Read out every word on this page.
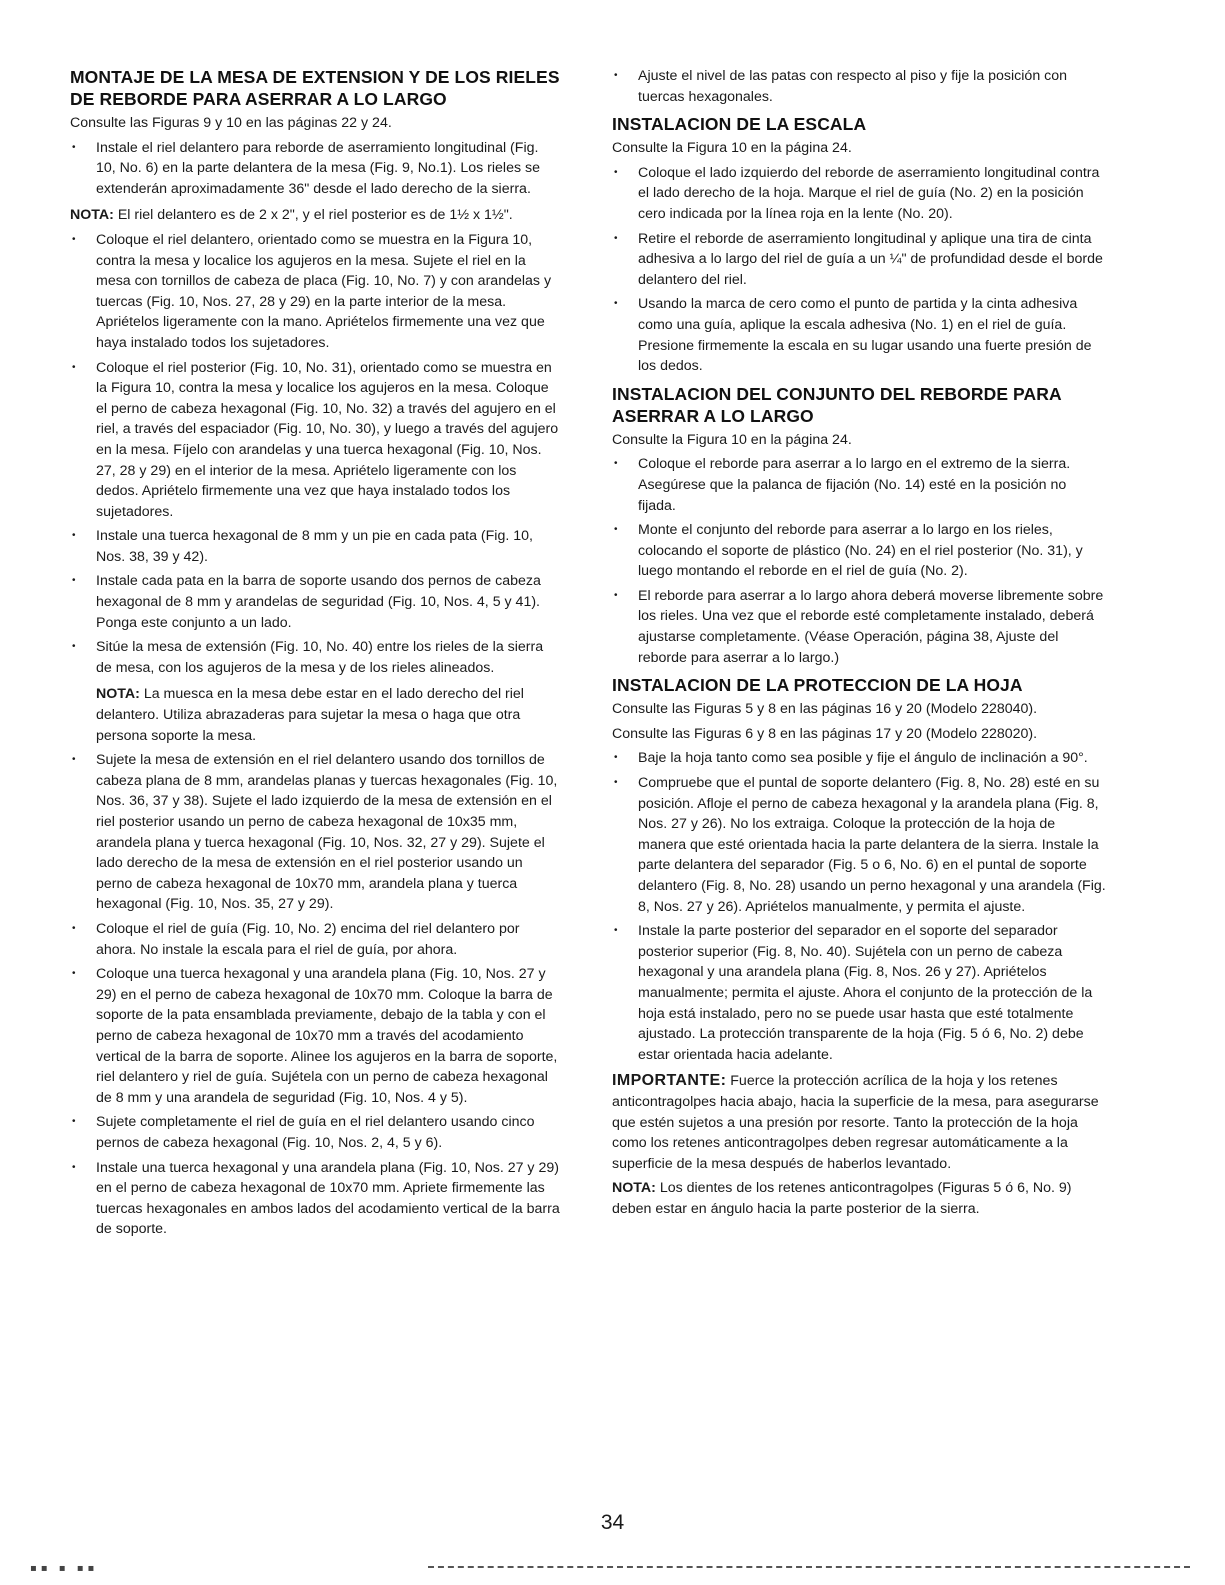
MONTAJE DE LA MESA DE EXTENSION Y DE LOS RIELES DE REBORDE PARA ASERRAR A LO LARGO

Consulte las Figuras 9 y 10 en las páginas 22 y 24.

• Instale el riel delantero para reborde de aserramiento longitudinal (Fig. 10, No. 6) en la parte delantera de la mesa (Fig. 9, No.1). Los rieles se extenderán aproximadamente 36" desde el lado derecho de la sierra.

NOTA: El riel delantero es de 2 x 2", y el riel posterior es de 1½ x 1½".

• Coloque el riel delantero, orientado como se muestra en la Figura 10, contra la mesa y localice los agujeros en la mesa. Sujete el riel en la mesa con tornillos de cabeza de placa (Fig. 10, No. 7) y con arandelas y tuercas (Fig. 10, Nos. 27, 28 y 29) en la parte interior de la mesa. Apriételos ligeramente con la mano. Apriételos firmemente una vez que haya instalado todos los sujetadores.
• Coloque el riel posterior (Fig. 10, No. 31), orientado como se muestra en la Figura 10, contra la mesa y localice los agujeros en la mesa. Coloque el perno de cabeza hexagonal (Fig. 10, No. 32) a través del agujero en el riel, a través del espaciador (Fig. 10, No. 30), y luego a través del agujero en la mesa. Fíjelo con arandelas y una tuerca hexagonal (Fig. 10, Nos. 27, 28 y 29) en el interior de la mesa. Apriételo ligeramente con los dedos. Apriételo firmemente una vez que haya instalado todos los sujetadores.
• Instale una tuerca hexagonal de 8 mm y un pie en cada pata (Fig. 10, Nos. 38, 39 y 42).
• Instale cada pata en la barra de soporte usando dos pernos de cabeza hexagonal de 8 mm y arandelas de seguridad (Fig. 10, Nos. 4, 5 y 41). Ponga este conjunto a un lado.
• Sitúe la mesa de extensión (Fig. 10, No. 40) entre los rieles de la sierra de mesa, con los agujeros de la mesa y de los rieles alineados.

NOTA: La muesca en la mesa debe estar en el lado derecho del riel delantero. Utiliza abrazaderas para sujetar la mesa o haga que otra persona soporte la mesa.

• Sujete la mesa de extensión en el riel delantero usando dos tornillos de cabeza plana de 8 mm, arandelas planas y tuercas hexagonales (Fig. 10, Nos. 36, 37 y 38). Sujete el lado izquierdo de la mesa de extensión en el riel posterior usando un perno de cabeza hexagonal de 10x35 mm, arandela plana y tuerca hexagonal (Fig. 10, Nos. 32, 27 y 29). Sujete el lado derecho de la mesa de extensión en el riel posterior usando un perno de cabeza hexagonal de 10x70 mm, arandela plana y tuerca hexagonal (Fig. 10, Nos. 35, 27 y 29).
• Coloque el riel de guía (Fig. 10, No. 2) encima del riel delantero por ahora. No instale la escala para el riel de guía, por ahora.
• Coloque una tuerca hexagonal y una arandela plana (Fig. 10, Nos. 27 y 29) en el perno de cabeza hexagonal de 10x70 mm. Coloque la barra de soporte de la pata ensamblada previamente, debajo de la tabla y con el perno de cabeza hexagonal de 10x70 mm a través del acodamiento vertical de la barra de soporte. Alinee los agujeros en la barra de soporte, riel delantero y riel de guía. Sujétela con un perno de cabeza hexagonal de 8 mm y una arandela de seguridad (Fig. 10, Nos. 4 y 5).
• Sujete completamente el riel de guía en el riel delantero usando cinco pernos de cabeza hexagonal (Fig. 10, Nos. 2, 4, 5 y 6).
• Instale una tuerca hexagonal y una arandela plana (Fig. 10, Nos. 27 y 29) en el perno de cabeza hexagonal de 10x70 mm. Apriete firmemente las tuercas hexagonales en ambos lados del acodamiento vertical de la barra de soporte.
• Ajuste el nivel de las patas con respecto al piso y fije la posición con tuercas hexagonales.
INSTALACION DE LA ESCALA

Consulte la Figura 10 en la página 24.

• Coloque el lado izquierdo del reborde de aserramiento longitudinal contra el lado derecho de la hoja. Marque el riel de guía (No. 2) en la posición cero indicada por la línea roja en la lente (No. 20).
• Retire el reborde de aserramiento longitudinal y aplique una tira de cinta adhesiva a lo largo del riel de guía a un ¼" de profundidad desde el borde delantero del riel.
• Usando la marca de cero como el punto de partida y la cinta adhesiva como una guía, aplique la escala adhesiva (No. 1) en el riel de guía. Presione firmemente la escala en su lugar usando una fuerte presión de los dedos.
INSTALACION DEL CONJUNTO DEL REBORDE PARA ASERRAR A LO LARGO

Consulte la Figura 10 en la página 24.

• Coloque el reborde para aserrar a lo largo en el extremo de la sierra. Asegúrese que la palanca de fijación (No. 14) esté en la posición no fijada.
• Monte el conjunto del reborde para aserrar a lo largo en los rieles, colocando el soporte de plástico (No. 24) en el riel posterior (No. 31), y luego montando el reborde en el riel de guía (No. 2).
• El reborde para aserrar a lo largo ahora deberá moverse libremente sobre los rieles. Una vez que el reborde esté completamente instalado, deberá ajustarse completamente. (Véase Operación, página 38, Ajuste del reborde para aserrar a lo largo.)
INSTALACION DE LA PROTECCION DE LA HOJA

Consulte las Figuras 5 y 8 en las páginas 16 y 20 (Modelo 228040).

Consulte las Figuras 6 y 8 en las páginas 17 y 20 (Modelo 228020).

• Baje la hoja tanto como sea posible y fije el ángulo de inclinación a 90°.
• Compruebe que el puntal de soporte delantero (Fig. 8, No. 28) esté en su posición. Afloje el perno de cabeza hexagonal y la arandela plana (Fig. 8, Nos. 27 y 26). No los extraiga. Coloque la protección de la hoja de manera que esté orientada hacia la parte delantera de la sierra. Instale la parte delantera del separador (Fig. 5 o 6, No. 6) en el puntal de soporte delantero (Fig. 8, No. 28) usando un perno hexagonal y una arandela (Fig. 8, Nos. 27 y 26). Apriételos manualmente, y permita el ajuste.
• Instale la parte posterior del separador en el soporte del separador posterior superior (Fig. 8, No. 40). Sujétela con un perno de cabeza hexagonal y una arandela plana (Fig. 8, Nos. 26 y 27). Apriételos manualmente; permita el ajuste. Ahora el conjunto de la protección de la hoja está instalado, pero no se puede usar hasta que esté totalmente ajustado. La protección transparente de la hoja (Fig. 5 ó 6, No. 2) debe estar orientada hacia adelante.

IMPORTANTE: Fuerce la protección acrílica de la hoja y los retenes anticontragolpes hacia abajo, hacia la superficie de la mesa, para asegurarse que estén sujetos a una presión por resorte. Tanto la protección de la hoja como los retenes anticontragolpes deben regresar automáticamente a la superficie de la mesa después de haberlos levantado.

NOTA: Los dientes de los retenes anticontragolpes (Figuras 5 ó 6, No. 9) deben estar en ángulo hacia la parte posterior de la sierra.

34
▪▪ ▪ ▪▪
